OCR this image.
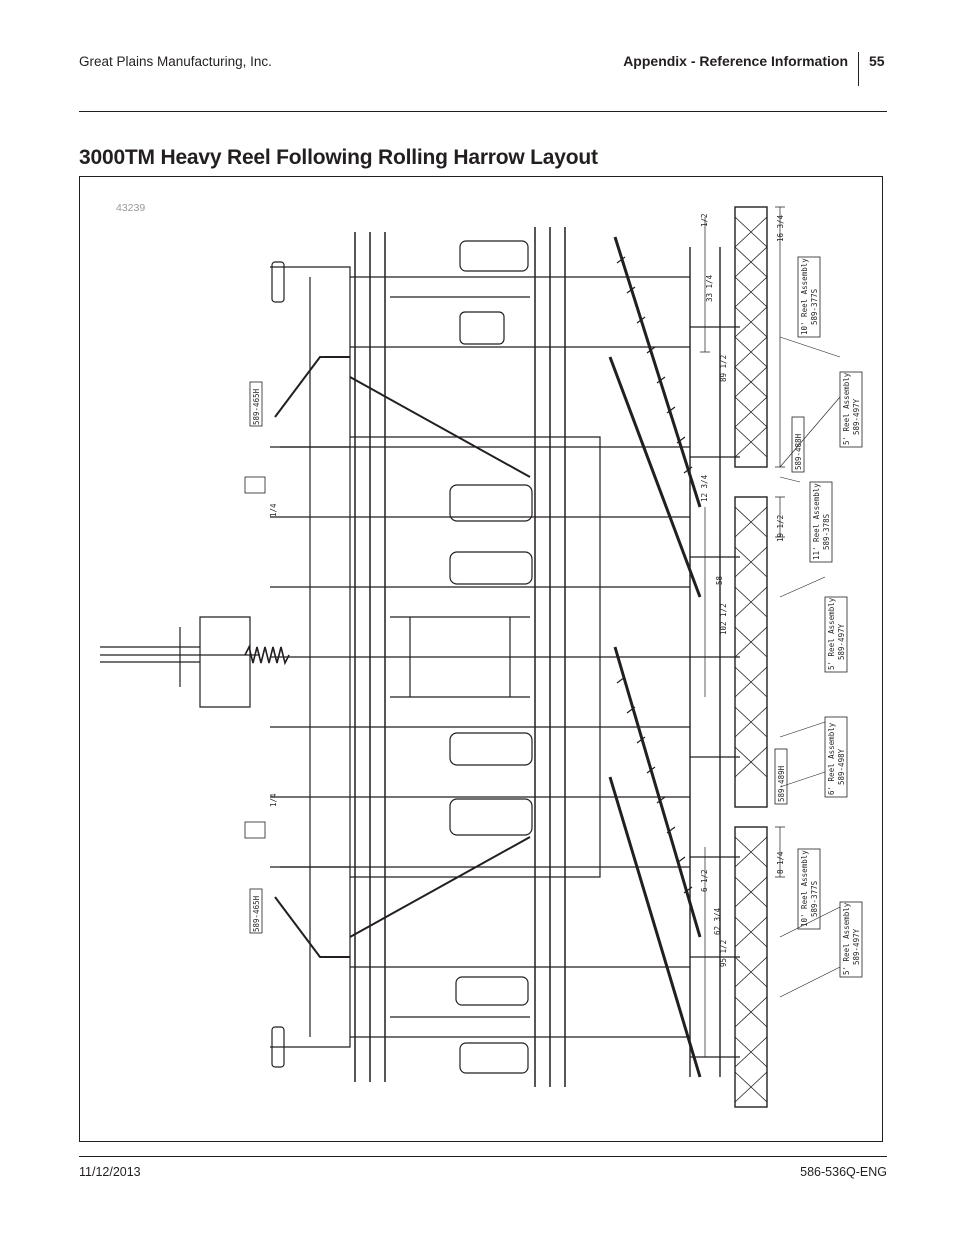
Great Plains Manufacturing, Inc.	Appendix - Reference Information 55
3000TM Heavy Reel Following Rolling Harrow Layout
43239
589-465H
589-465H
10' Reel Assembly 589-377S
5' Reel Assembly 589-497Y
589-488H
11' Reel Assembly 589-378S
5' Reel Assembly 589-497Y
6' Reel Assembly 589-498Y
589-489H
10' Reel Assembly 589-377S
5' Reel Assembly 589-497Y
1/2	16 3/4
33 1/4
89 1/2
12 3/4
19 1/2
58
102 1/2
1/4
1/4
8 1/4
6 1/2
62 3/4
95 1/2
11/12/2013	586-536Q-ENG
